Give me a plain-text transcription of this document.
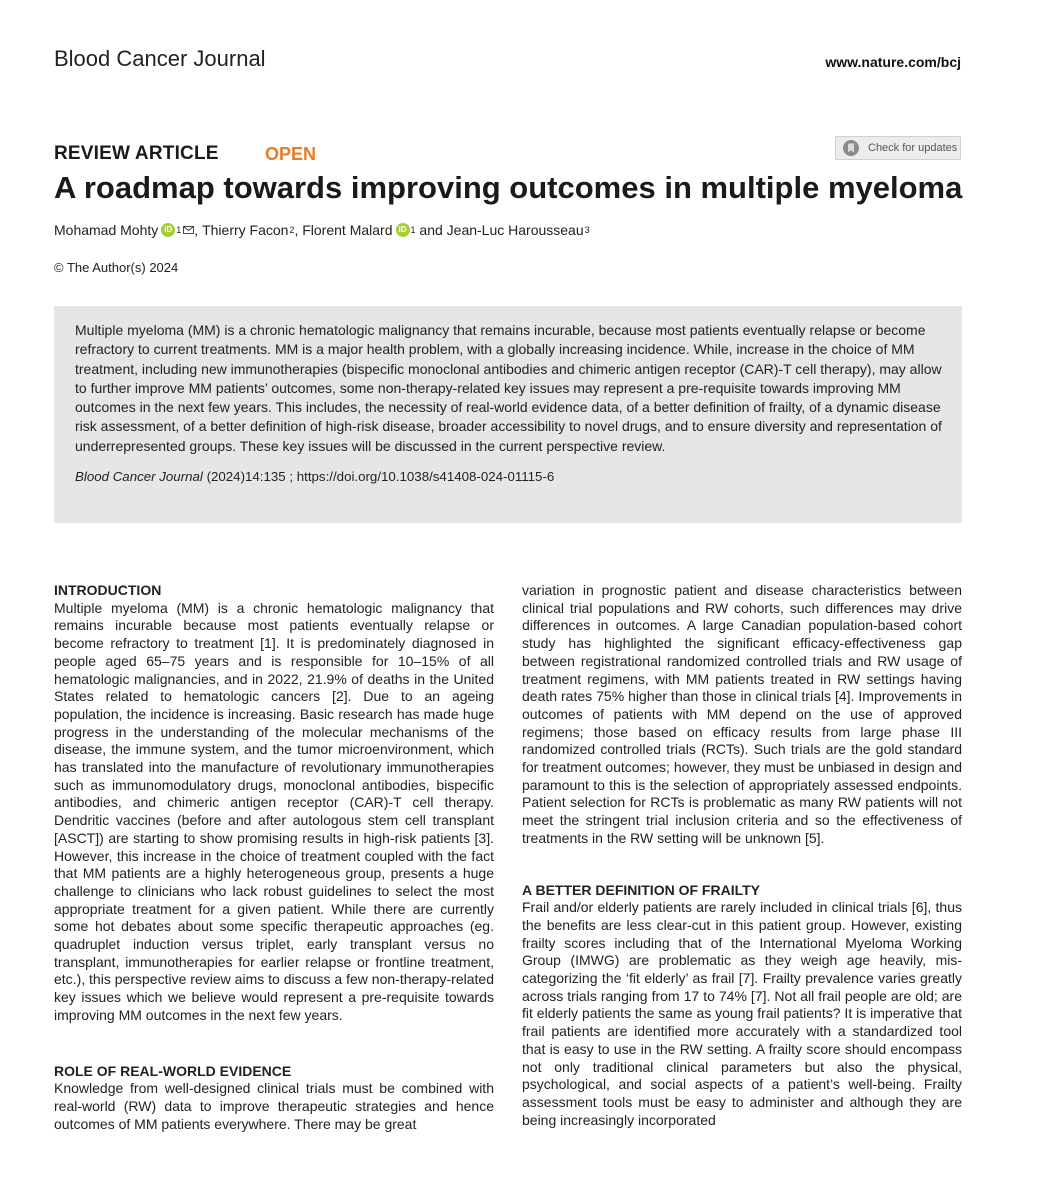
Blood Cancer Journal	www.nature.com/bcj
REVIEW ARTICLE	OPEN	Check for updates
A roadmap towards improving outcomes in multiple myeloma
Mohamad Mohty iD 1 , Thierry Facon 2 , Florent Malard iD 1 and Jean-Luc Harousseau 3
© The Author(s) 2024

Multiple myeloma (MM) is a chronic hematologic malignancy that remains incurable, because most patients eventually relapse or become refractory to current treatments. MM is a major health problem, with a globally increasing incidence. While, increase in the choice of MM treatment, including new immunotherapies (bispecific monoclonal antibodies and chimeric antigen receptor (CAR)-T cell therapy), may allow to further improve MM patients’ outcomes, some non-therapy-related key issues may represent a pre-requisite towards improving MM outcomes in the next few years. This includes, the necessity of real-world evidence data, of a better definition of frailty, of a dynamic disease risk assessment, of a better definition of high-risk disease, broader accessibility to novel drugs, and to ensure diversity and representation of underrepresented groups. These key issues will be discussed in the current perspective review.

Blood Cancer Journal (2024)14:135 ; https://doi.org/10.1038/s41408-024-01115-6

INTRODUCTION

Multiple myeloma (MM) is a chronic hematologic malignancy that remains incurable because most patients eventually relapse or become refractory to treatment [1]. It is predominately diagnosed in people aged 65–75 years and is responsible for 10–15% of all hematologic malignancies, and in 2022, 21.9% of deaths in the United States related to hematologic cancers [2]. Due to an ageing population, the incidence is increasing. Basic research has made huge progress in the understanding of the molecular mechanisms of the disease, the immune system, and the tumor microenvironment, which has translated into the manufacture of revolutionary immunotherapies such as immunomodulatory drugs, monoclonal antibodies, bispecific antibodies, and chimeric antigen receptor (CAR)-T cell therapy. Dendritic vaccines (before and after autologous stem cell transplant [ASCT]) are starting to show promising results in high-risk patients [3]. However, this increase in the choice of treatment coupled with the fact that MM patients are a highly heterogeneous group, presents a huge challenge to clinicians who lack robust guidelines to select the most appropriate treatment for a given patient. While there are currently some hot debates about some specific therapeutic approaches (eg. quadruplet induction versus triplet, early transplant versus no transplant, immunotherapies for earlier relapse or frontline treatment, etc.), this perspective review aims to discuss a few non-therapy-related key issues which we believe would represent a pre-requisite towards improving MM outcomes in the next few years.

ROLE OF REAL-WORLD EVIDENCE

Knowledge from well-designed clinical trials must be combined with real-world (RW) data to improve therapeutic strategies and hence outcomes of MM patients everywhere. There may be great

variation in prognostic patient and disease characteristics between clinical trial populations and RW cohorts, such differences may drive differences in outcomes. A large Canadian population-based cohort study has highlighted the significant efficacy-effectiveness gap between registrational randomized controlled trials and RW usage of treatment regimens, with MM patients treated in RW settings having death rates 75% higher than those in clinical trials [4]. Improvements in outcomes of patients with MM depend on the use of approved regimens; those based on efficacy results from large phase III randomized controlled trials (RCTs). Such trials are the gold standard for treatment outcomes; however, they must be unbiased in design and paramount to this is the selection of appropriately assessed endpoints. Patient selection for RCTs is problematic as many RW patients will not meet the stringent trial inclusion criteria and so the effectiveness of treatments in the RW setting will be unknown [5].

A BETTER DEFINITION OF FRAILTY

Frail and/or elderly patients are rarely included in clinical trials [6], thus the benefits are less clear-cut in this patient group. However, existing frailty scores including that of the International Myeloma Working Group (IMWG) are problematic as they weigh age heavily, mis-categorizing the ‘fit elderly’ as frail [7]. Frailty prevalence varies greatly across trials ranging from 17 to 74% [7]. Not all frail people are old; are fit elderly patients the same as young frail patients? It is imperative that frail patients are identified more accurately with a standardized tool that is easy to use in the RW setting. A frailty score should encompass not only traditional clinical parameters but also the physical, psychological, and social aspects of a patient’s well-being. Frailty assessment tools must be easy to administer and although they are being increasingly incorporated
